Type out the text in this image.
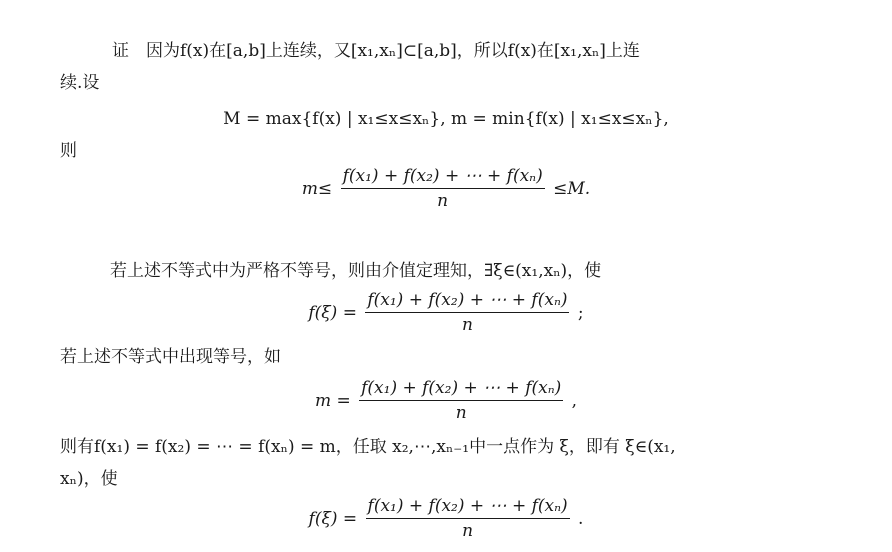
证　因为f(x)在[a,b]上连续，又[x₁,xₙ]⊂[a,b]，所以f(x)在[x₁,xₙ]上连
续.设
M = max{f(x) | x₁≤x≤xₙ}, m = min{f(x) | x₁≤x≤xₙ},
则
$m\le \frac{\text{f(x₁) + f(x₂) + ⋯ + f(xₙ)}}{n} \le M$.
若上述不等式中为严格不等号，则由介值定理知，∃ξ∈(x₁,xₙ)，使
$f(\xi) = \frac{\text{f(x₁) + f(x₂) + ⋯ + f(xₙ)}}{n}$ ;
若上述不等式中出现等号，如
$m = \frac{\text{f(x₁) + f(x₂) + ⋯ + f(xₙ)}}{n}$ ,
则有f(x₁) = f(x₂) = ⋯ = f(xₙ) = m，任取 x₂,⋯,xₙ₋₁中一点作为 ξ，即有 ξ∈(x₁,
xₙ)，使
$f(\xi) = \frac{\text{f(x₁) + f(x₂) + ⋯ + f(xₙ)}}{n}$ .
